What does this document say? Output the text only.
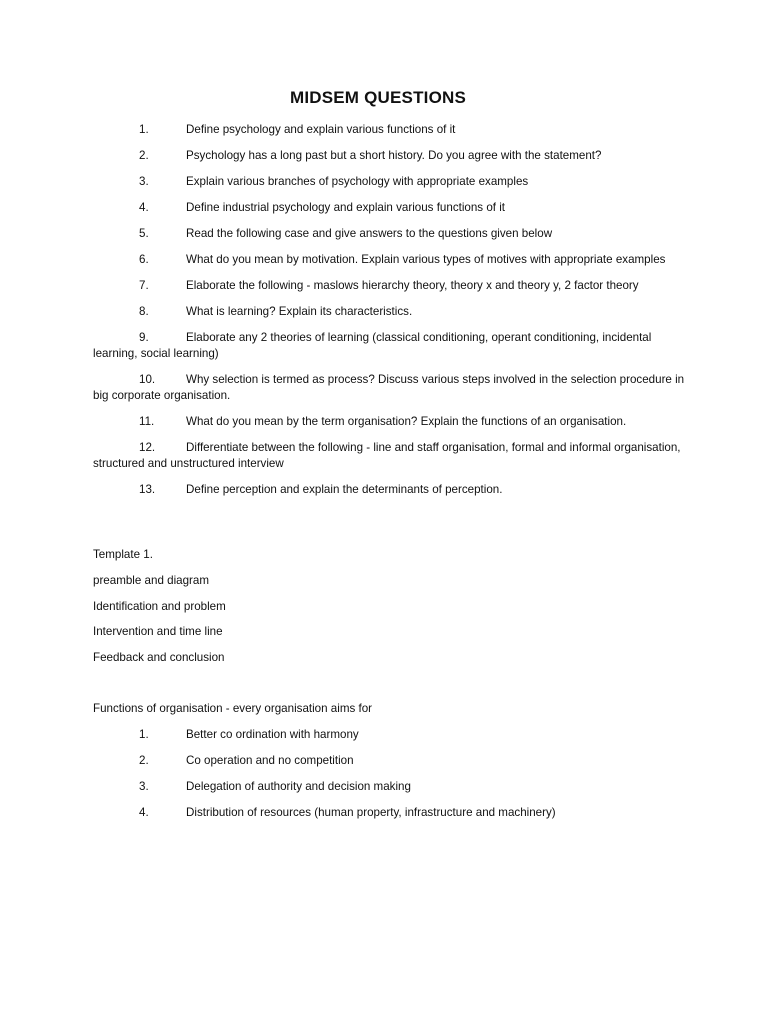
MIDSEM QUESTIONS
1.	Define psychology and explain various functions of it
2.	Psychology has a long past but a short history. Do you agree with the statement?
3.	Explain various branches of psychology with appropriate examples
4.	Define industrial psychology and explain various functions of it
5.	Read the following case and give answers to the questions given below
6.	What do you mean by motivation. Explain various types of motives with appropriate examples
7.	Elaborate the following - maslows hierarchy theory, theory x and theory y, 2 factor theory
8.	What is learning? Explain its characteristics.
9.	Elaborate any 2 theories of learning (classical conditioning, operant conditioning, incidental learning, social learning)
10.	Why selection is termed as process? Discuss various steps involved in the selection procedure in big corporate organisation.
11.	What do you mean by the term organisation? Explain the functions of an organisation.
12.	Differentiate between the following - line and staff organisation, formal and informal organisation, structured and unstructured interview
13.	Define perception and explain the determinants of perception.
Template 1.
preamble and diagram
Identification and problem
Intervention and time line
Feedback and conclusion
Functions of organisation - every organisation aims for
1.	Better co ordination with harmony
2.	Co operation and no competition
3.	Delegation of authority and decision making
4.	Distribution of resources (human property, infrastructure and machinery)
